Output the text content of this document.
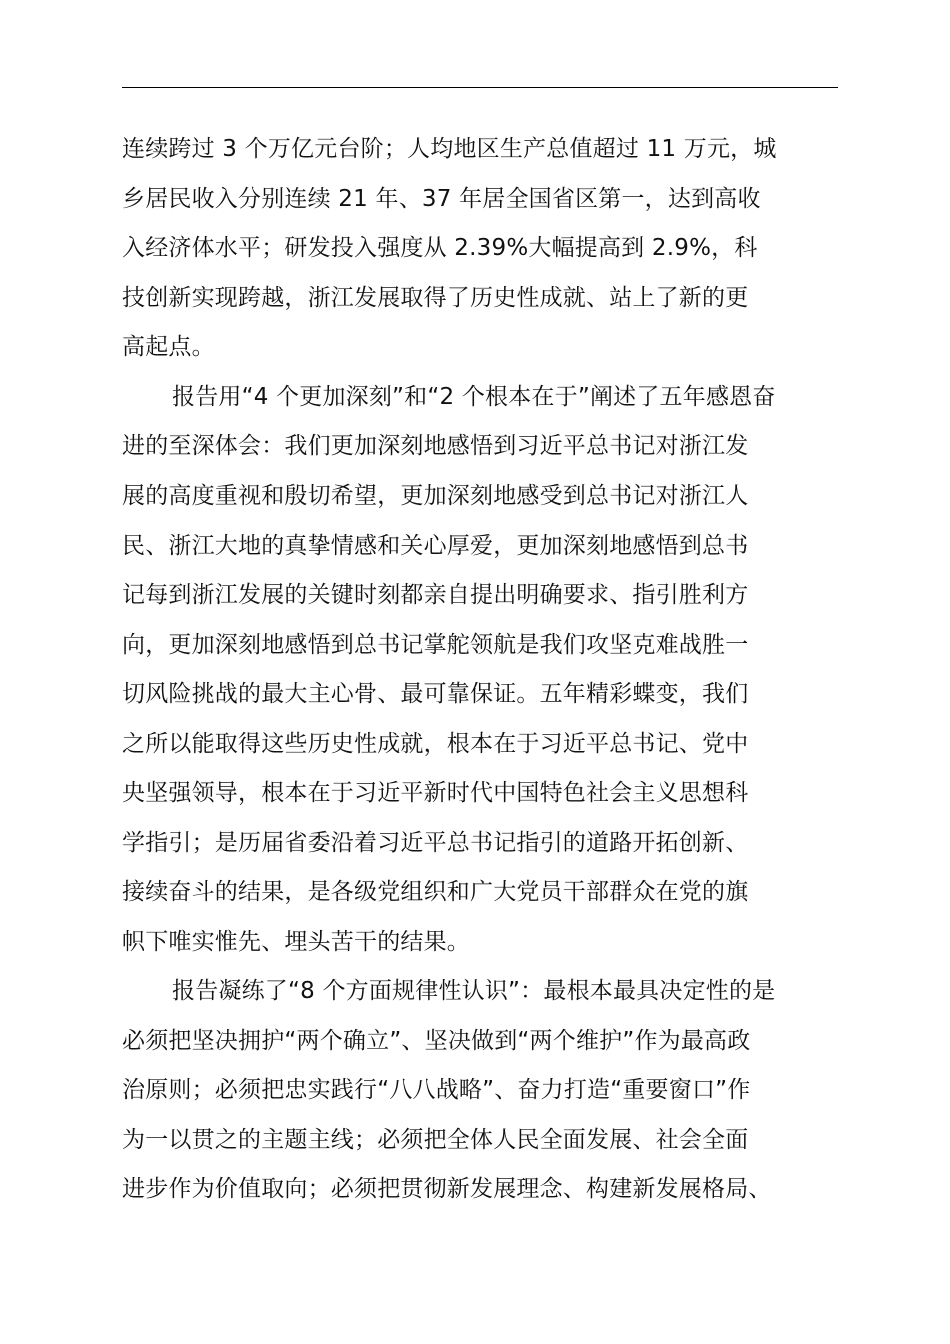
连续跨过 3 个万亿元台阶；人均地区生产总值超过 11 万元，城

乡居民收入分别连续 21 年、37 年居全国省区第一，达到高收

入经济体水平；研发投入强度从 2.39%大幅提高到 2.9%，科

技创新实现跨越，浙江发展取得了历史性成就、站上了新的更

高起点。

报告用“4 个更加深刻”和“2 个根本在于”阐述了五年感恩奋

进的至深体会：我们更加深刻地感悟到习近平总书记对浙江发

展的高度重视和殷切希望，更加深刻地感受到总书记对浙江人

民、浙江大地的真挚情感和关心厚爱，更加深刻地感悟到总书

记每到浙江发展的关键时刻都亲自提出明确要求、指引胜利方

向，更加深刻地感悟到总书记掌舵领航是我们攻坚克难战胜一

切风险挑战的最大主心骨、最可靠保证。五年精彩蝶变，我们

之所以能取得这些历史性成就，根本在于习近平总书记、党中

央坚强领导，根本在于习近平新时代中国特色社会主义思想科

学指引；是历届省委沿着习近平总书记指引的道路开拓创新、

接续奋斗的结果，是各级党组织和广大党员干部群众在党的旗

帜下唯实惟先、埋头苦干的结果。

报告凝练了“8 个方面规律性认识”：最根本最具决定性的是

必须把坚决拥护“两个确立”、坚决做到“两个维护”作为最高政

治原则；必须把忠实践行“八八战略”、奋力打造“重要窗口”作

为一以贯之的主题主线；必须把全体人民全面发展、社会全面

进步作为价值取向；必须把贯彻新发展理念、构建新发展格局、
